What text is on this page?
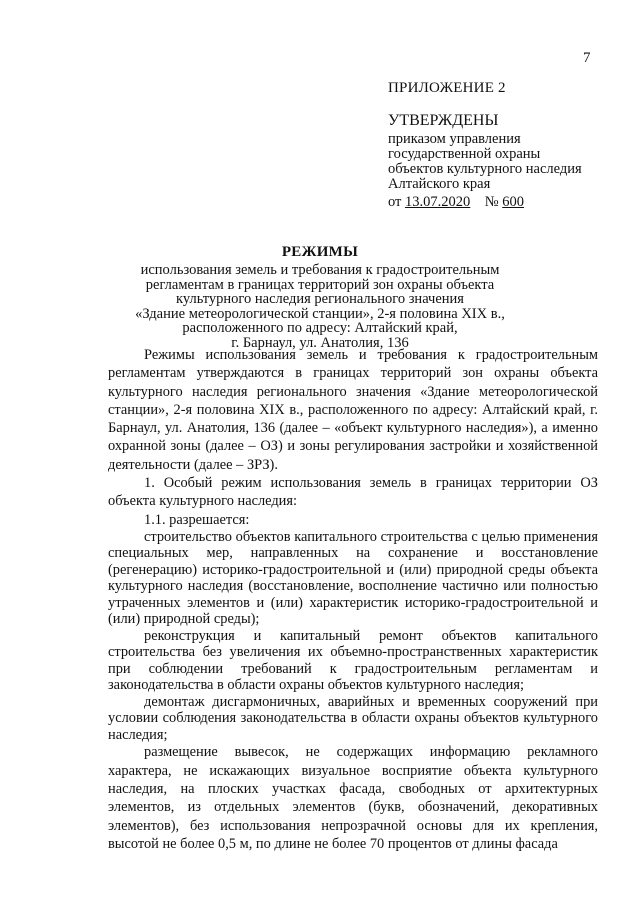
7
ПРИЛОЖЕНИЕ 2
УТВЕРЖДЕНЫ
приказом управления
государственной охраны
объектов культурного наследия
Алтайского края
от 13.07.2020 № 600
РЕЖИМЫ
использования земель и требования к градостроительным
регламентам в границах территорий зон охраны объекта
культурного наследия регионального значения
«Здание метеорологической станции», 2-я половина XIX в.,
расположенного по адресу: Алтайский край,
г. Барнаул, ул. Анатолия, 136

Режимы использования земель и требования к градостроительным регламентам утверждаются в границах территорий зон охраны объекта культурного наследия регионального значения «Здание метеорологической станции», 2-я половина XIX в., расположенного по адресу: Алтайский край, г. Барнаул, ул. Анатолия, 136 (далее – «объект культурного наследия»), а именно охранной зоны (далее – ОЗ) и зоны регулирования застройки и хозяйственной деятельности (далее – ЗРЗ).

1. Особый режим использования земель в границах территории ОЗ объекта культурного наследия:

1.1. разрешается:

строительство объектов капитального строительства с целью применения специальных мер, направленных на сохранение и восстановление (регенерацию) историко-градостроительной и (или) природной среды объекта культурного наследия (восстановление, восполнение частично или полностью утраченных элементов и (или) характеристик историко-градостроительной и (или) природной среды);

реконструкция и капитальный ремонт объектов капитального строительства без увеличения их объемно-пространственных характеристик при соблюдении требований к градостроительным регламентам и законодательства в области охраны объектов культурного наследия;

демонтаж дисгармоничных, аварийных и временных сооружений при условии соблюдения законодательства в области охраны объектов культурного наследия;

размещение вывесок, не содержащих информацию рекламного характера, не искажающих визуальное восприятие объекта культурного наследия, на плоских участках фасада, свободных от архитектурных элементов, из отдельных элементов (букв, обозначений, декоративных элементов), без использования непрозрачной основы для их крепления, высотой не более 0,5 м, по длине не более 70 процентов от длины фасада
